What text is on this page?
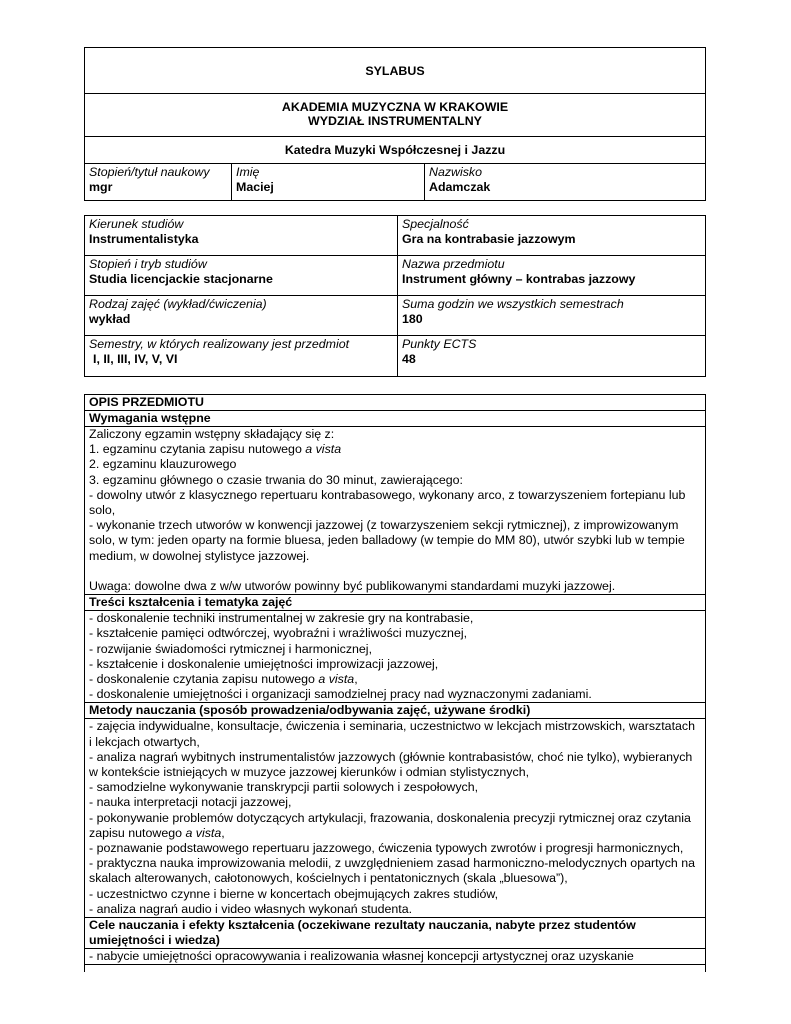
SYLABUS
AKADEMIA MUZYCZNA W KRAKOWIE
WYDZIAŁ INSTRUMENTALNY
Katedra Muzyki Współczesnej i Jazzu
Stopień/tytuł naukowy
mgr
Imię
Maciej
Nazwisko
Adamczak
Kierunek studiów
Instrumentalistyka
Specjalność
Gra na kontrabasie jazzowym
Stopień i tryb studiów
Studia licencjackie stacjonarne
Nazwa przedmiotu
Instrument główny – kontrabas jazzowy
Rodzaj zajęć (wykład/ćwiczenia)
wykład
Suma godzin we wszystkich semestrach
180
Semestry, w których realizowany jest przedmiot
I, II, III, IV, V, VI
Punkty ECTS
48
OPIS PRZEDMIOTU
Wymagania wstępne

Zaliczony egzamin wstępny składający się z:

1. egzaminu czytania zapisu nutowego a vista

2. egzaminu klauzurowego

3. egzaminu głównego o czasie trwania do 30 minut, zawierającego:

- dowolny utwór z klasycznego repertuaru kontrabasowego, wykonany arco, z towarzyszeniem fortepianu lub solo,

- wykonanie trzech utworów w konwencji jazzowej (z towarzyszeniem sekcji rytmicznej), z improwizowanym solo, w tym: jeden oparty na formie bluesa, jeden balladowy (w tempie do MM 80), utwór szybki lub w tempie medium, w dowolnej stylistyce jazzowej.

Uwaga: dowolne dwa z w/w utworów powinny być publikowanymi standardami muzyki jazzowej.

Treści kształcenia i tematyka zajęć

- doskonalenie techniki instrumentalnej w zakresie gry na kontrabasie,

- kształcenie pamięci odtwórczej, wyobraźni i wrażliwości muzycznej,

- rozwijanie świadomości rytmicznej i harmonicznej,

- kształcenie i doskonalenie umiejętności improwizacji jazzowej,

- doskonalenie czytania zapisu nutowego a vista,

- doskonalenie umiejętności i organizacji samodzielnej pracy nad wyznaczonymi zadaniami.

Metody nauczania (sposób prowadzenia/odbywania zajęć, używane środki)

- zajęcia indywidualne, konsultacje, ćwiczenia i seminaria, uczestnictwo w lekcjach mistrzowskich, warsztatach i lekcjach otwartych,

- analiza nagrań wybitnych instrumentalistów jazzowych (głównie kontrabasistów, choć nie tylko), wybieranych w kontekście istniejących w muzyce jazzowej kierunków i odmian stylistycznych,

- samodzielne wykonywanie transkrypcji partii solowych i zespołowych,

- nauka interpretacji notacji jazzowej,

- pokonywanie problemów dotyczących artykulacji, frazowania, doskonalenia precyzji rytmicznej oraz czytania zapisu nutowego a vista,

- poznawanie podstawowego repertuaru jazzowego, ćwiczenia typowych zwrotów i progresji harmonicznych,

- praktyczna nauka improwizowania melodii, z uwzględnieniem zasad harmoniczno-melodycznych opartych na skalach alterowanych, całotonowych, kościelnych i pentatonicznych (skala „bluesowa”),

- uczestnictwo czynne i bierne w koncertach obejmujących zakres studiów,

- analiza nagrań audio i video własnych wykonań studenta.

Cele nauczania i efekty kształcenia (oczekiwane rezultaty nauczania, nabyte przez studentów umiejętności i wiedza)

- nabycie umiejętności opracowywania i realizowania własnej koncepcji artystycznej oraz uzyskanie
